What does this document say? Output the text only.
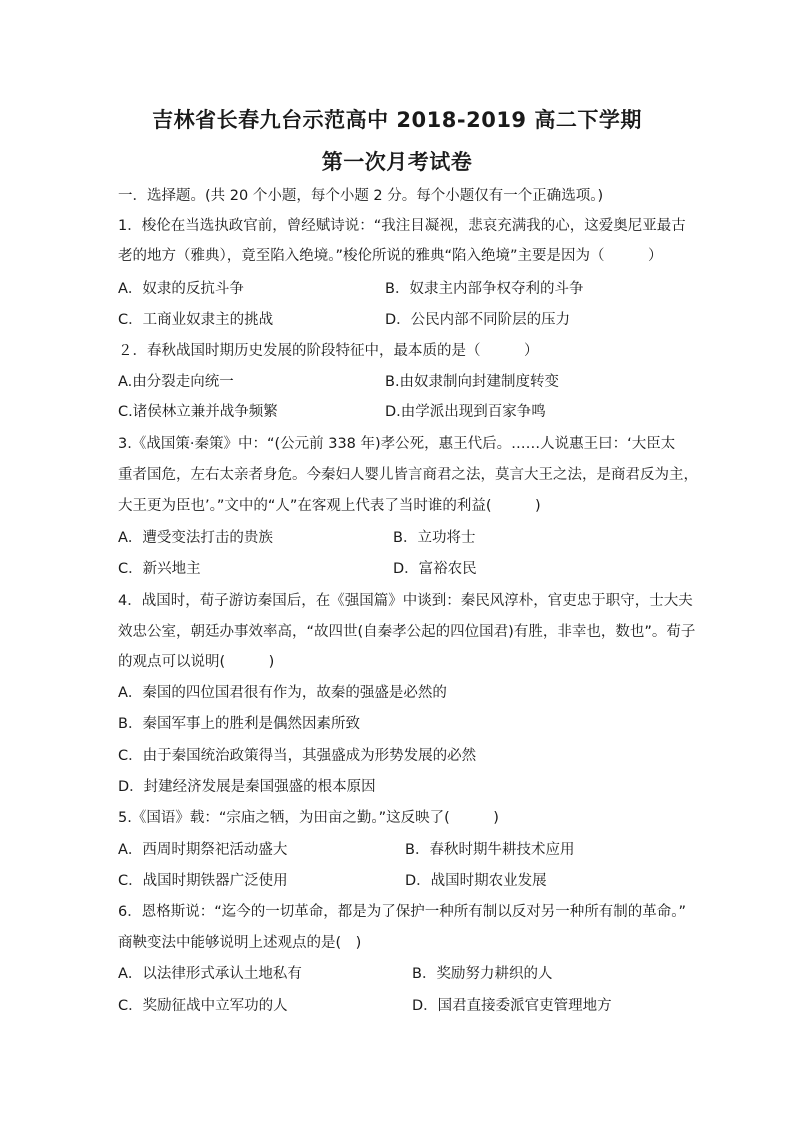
吉林省长春九台示范高中 2018-2019 高二下学期
第一次月考试卷
一．选择题。(共 20 个小题，每个小题 2 分。每个小题仅有一个正确选项。)
1．梭伦在当选执政官前，曾经赋诗说：“我注目凝视，悲哀充满我的心，这爱奥尼亚最古
老的地方（雅典），竟至陷入绝境。”梭伦所说的雅典“陷入绝境”主要是因为（　　　）
A．奴隶的反抗斗争	B．奴隶主内部争权夺利的斗争
C．工商业奴隶主的挑战	D．公民内部不同阶层的压力
２．春秋战国时期历史发展的阶段特征中，最本质的是（　　　）
A.由分裂走向统一	B.由奴隶制向封建制度转变
C.诸侯林立兼并战争频繁	D.由学派出现到百家争鸣
3.《战国策·秦策》中：“(公元前 338 年)孝公死，惠王代后。……人说惠王曰：‘大臣太
重者国危，左右太亲者身危。今秦妇人婴儿皆言商君之法，莫言大王之法，是商君反为主，
大王更为臣也’。”文中的“人”在客观上代表了当时谁的利益(　　　)
A．遭受变法打击的贵族	B．立功将士
C．新兴地主	D．富裕农民
4．战国时，荀子游访秦国后，在《强国篇》中谈到：秦民风淳朴，官吏忠于职守，士大夫
效忠公室，朝廷办事效率高，“故四世(自秦孝公起的四位国君)有胜，非幸也，数也”。荀子
的观点可以说明(　　　)
A．秦国的四位国君很有作为，故秦的强盛是必然的
B．秦国军事上的胜利是偶然因素所致
C．由于秦国统治政策得当，其强盛成为形势发展的必然
D．封建经济发展是秦国强盛的根本原因
5.《国语》载：“宗庙之牺，为田亩之勤。”这反映了(　　　)
A．西周时期祭祀活动盛大	B．春秋时期牛耕技术应用
C．战国时期铁器广泛使用	D．战国时期农业发展
6．恩格斯说：“迄今的一切革命，都是为了保护一种所有制以反对另一种所有制的革命。”
商鞅变法中能够说明上述观点的是(　)
A．以法律形式承认土地私有	B．奖励努力耕织的人
C．奖励征战中立军功的人	D．国君直接委派官吏管理地方
